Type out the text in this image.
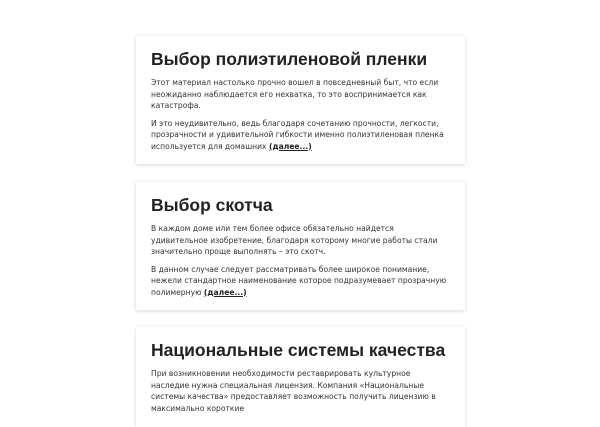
Выбор полиэтиленовой пленки

Этот материал настолько прочно вошел в повседневный быт, что если неожиданно наблюдается его нехватка, то это воспринимается как катастрофа.

И это неудивительно, ведь благодаря сочетанию прочности, легкости, прозрачности и удивительной гибкости именно полиэтиленовая пленка используется для домашних (далее...)

Выбор скотча

В каждом доме или тем более офисе обязательно найдется удивительное изобретение, благодаря которому многие работы стали значительно проще выполнять – это скотч.

В данном случае следует рассматривать более широкое понимание, нежели стандартное наименование которое подразумевает прозрачную полимерную (далее...)

Национальные системы качества

При возникновении необходимости реставрировать культурное наследие нужна специальная лицензия. Компания «Национальные системы качества» предоставляет возможность получить лицензию в максимально короткие
